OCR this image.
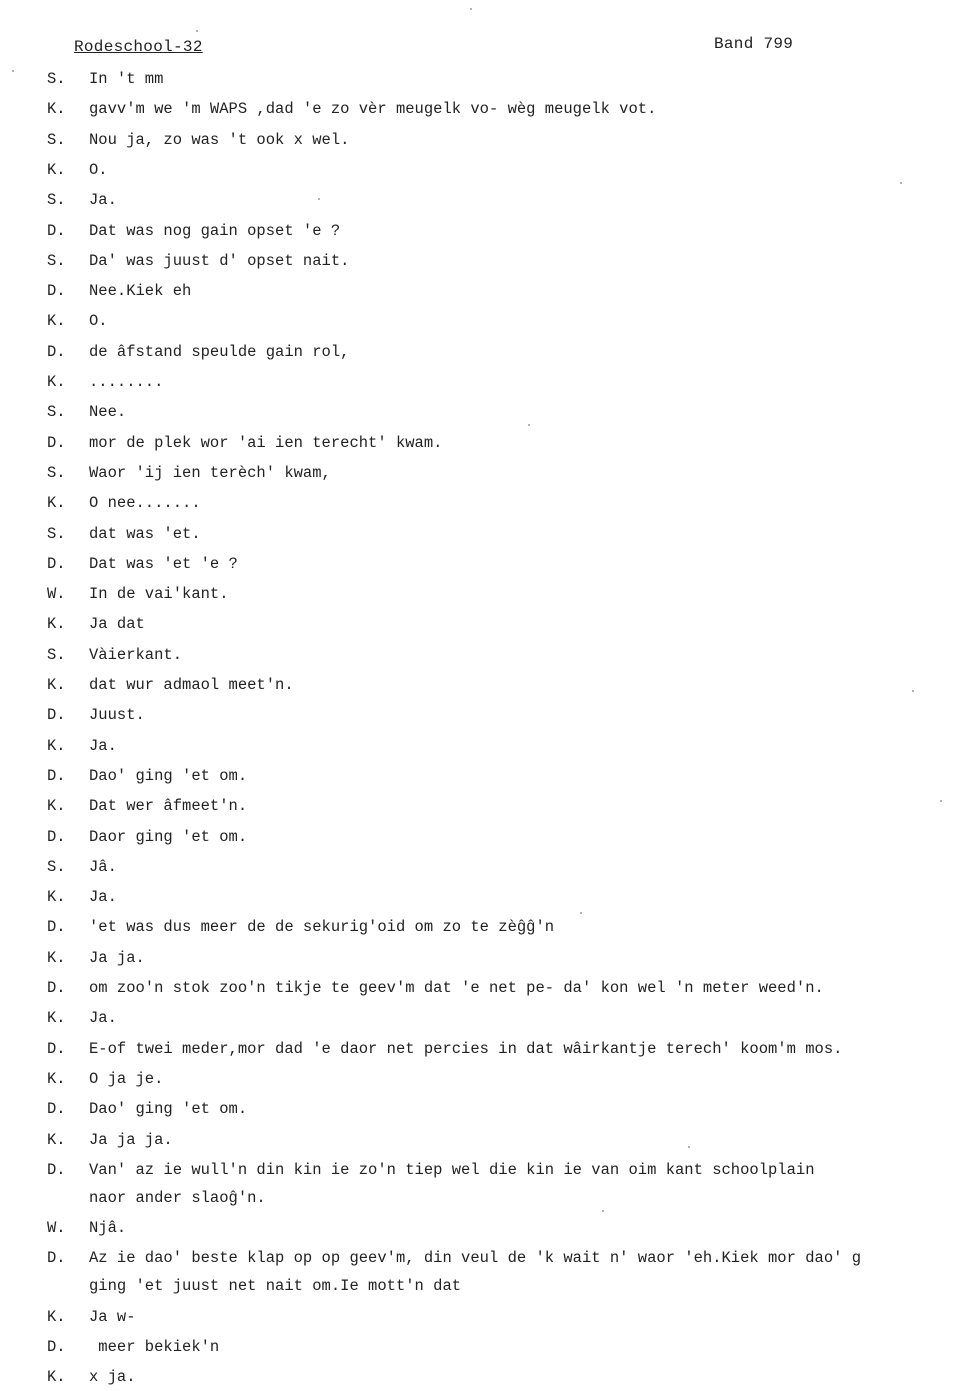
Rodeschool-32	Band 799
S. In 't mm
K. gavv'm we 'm WAPS ,dad 'e zo vèr meugelk vo- wèg meugelk vot.
S. Nou ja, zo was 't ook x wel.
K. O.
S. Ja.
D. Dat was nog gain opset 'e ?
S. Da' was juust d' opset nait.
D. Nee.Kiek eh
K. O.
D. de âfstand speulde gain rol,
K. ........
S. Nee.
D. mor de plek wor 'ai ien terecht' kwam.
S. Waor 'ij ien terèch' kwam,
K. O nee.......
S. dat was 'et.
D. Dat was 'et 'e ?
W. In de vai'kant.
K. Ja dat
S. Vàierkant.
K. dat wur admaol meet'n.
D. Juust.
K. Ja.
D. Dao' ging 'et om.
K. Dat wer âfmeet'n.
D. Daor ging 'et om.
S. Jâ.
K. Ja.
D. 'et was dus meer de de sekurig'oid om zo te zèĝĝ'n
K. Ja ja.
D. om zoo'n stok zoo'n tikje te geev'm dat 'e net pe- da' kon wel 'n meter weed'n.
K. Ja.
D. E-of twei meder,mor dad 'e daor net percies in dat wâirkantje terech' koom'm mos.
K. O ja je.
D. Dao' ging 'et om.
K. Ja ja ja.
D. Van' az ie wull'n din kin ie zo'n tiep wel die kin ie van oim kant schoolplain
naor ander slaoĝ'n.
W. Njâ.
D. Az ie dao' beste klap op op geev'm, din veul de 'k wait n' waor 'eh.Kiek mor dao' g
ging 'et juust net nait om.Ie mott'n dat
K. Ja w-
D. meer bekiek'n
K. x ja.
